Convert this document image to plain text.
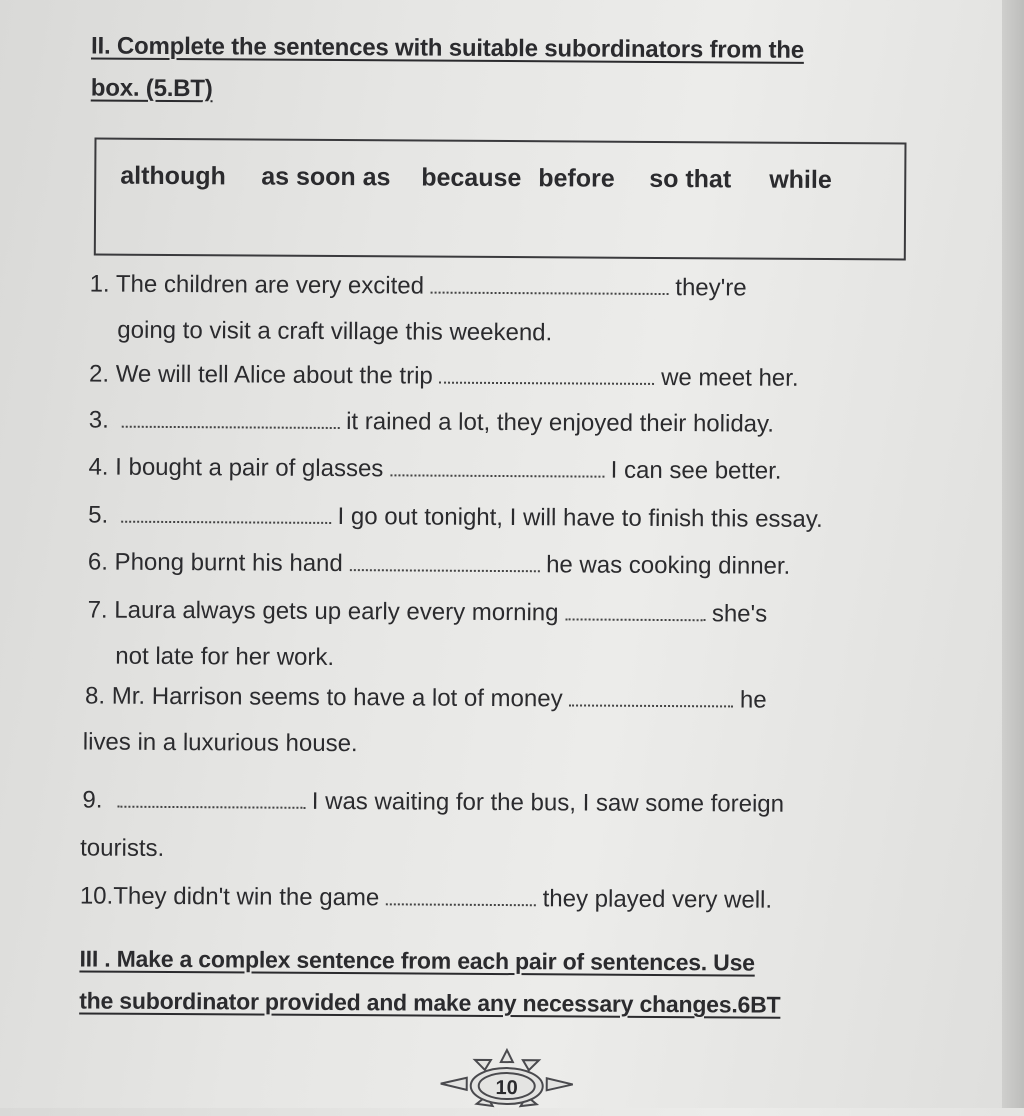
II. Complete the sentences with suitable subordinators from the
box. (5.BT)
although as soon as because before so that while
1. The children are very excited	they're
going to visit a craft village this weekend.
2. We will tell Alice about the trip	we meet her.
3.	it rained a lot, they enjoyed their holiday.
4. I bought a pair of glasses	I can see better.
5.	I go out tonight, I will have to finish this essay.
6. Phong burnt his hand	he was cooking dinner.
7. Laura always gets up early every morning	she's
not late for her work.
8. Mr. Harrison seems to have a lot of money	he
lives in a luxurious house.
9.	I was waiting for the bus, I saw some foreign
tourists.
10.They didn't win the game	they played very well.
III . Make a complex sentence from each pair of sentences. Use
the subordinator provided and make any necessary changes.6BT
10
